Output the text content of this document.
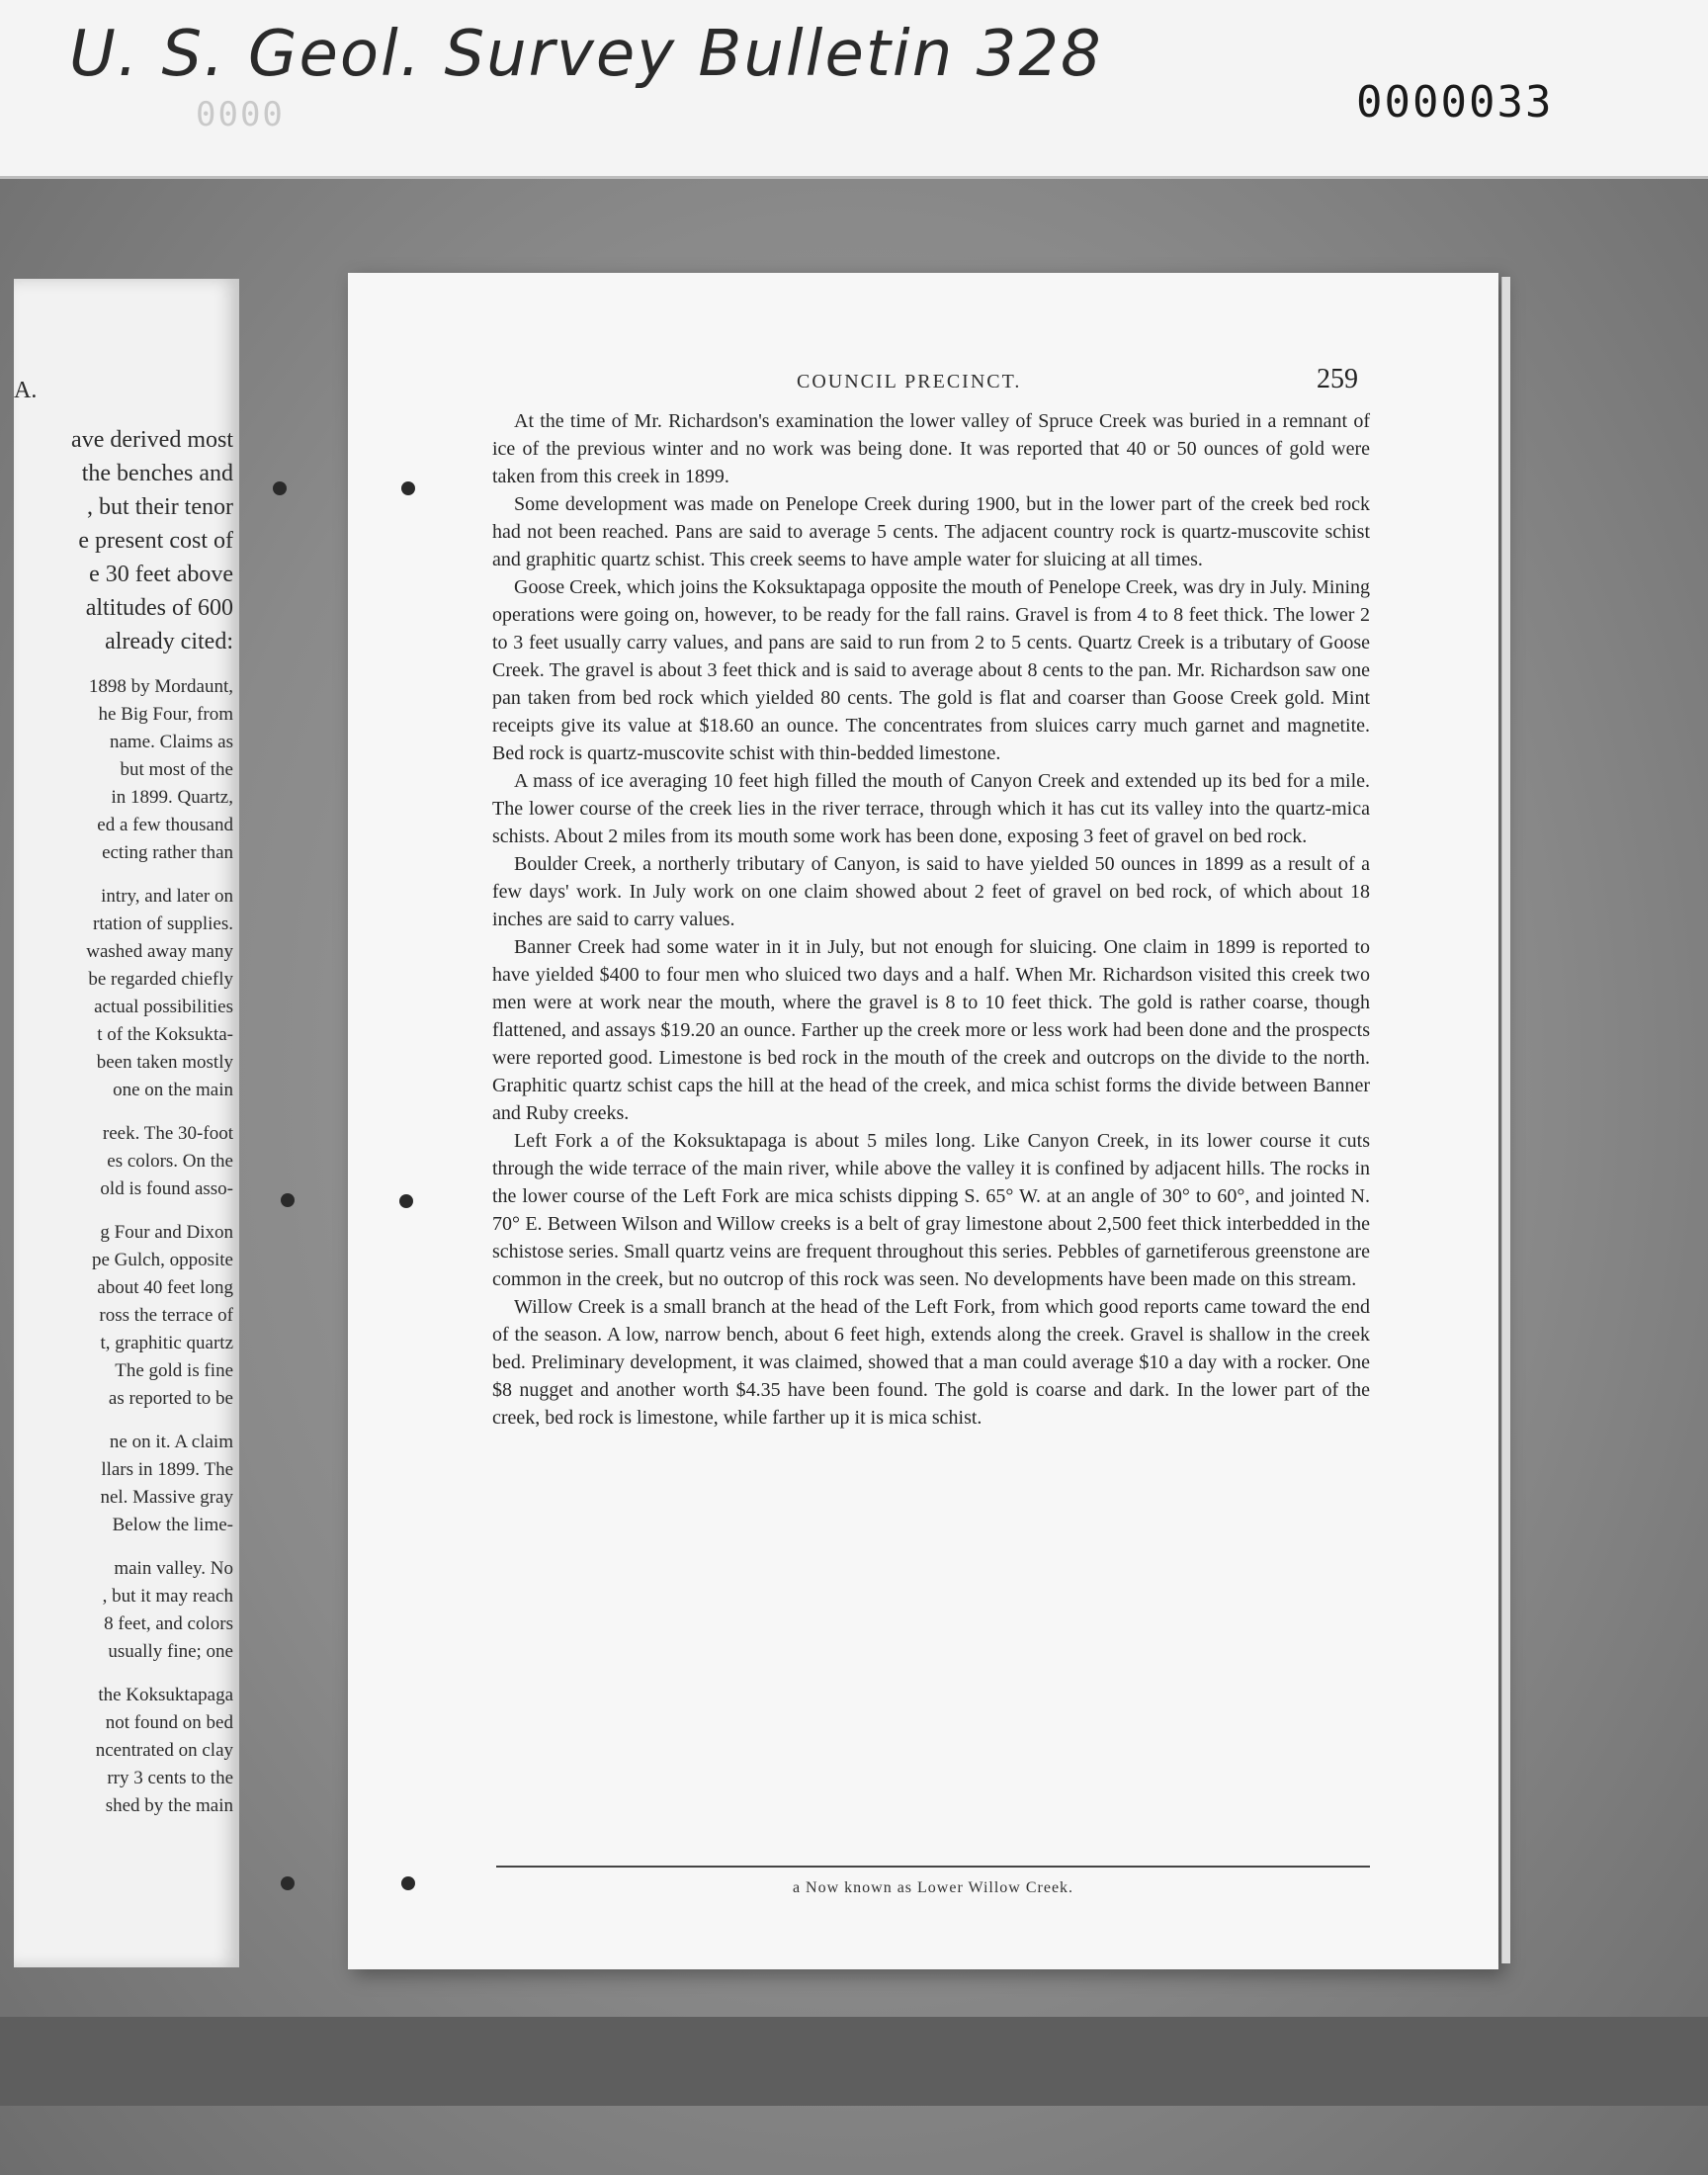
U. S. Geol. Survey Bulletin 328
0000	0000033
A.
ave derived most
the benches and
, but their tenor
e present cost of
e 30 feet above
altitudes of 600
already cited:
1898 by Mordaunt,
he Big Four, from
name. Claims as
but most of the
in 1899. Quartz,
ed a few thousand
ecting rather than
intry, and later on
rtation of supplies.
washed away many
be regarded chiefly
actual possibilities
t of the Koksukta-
been taken mostly
one on the main
reek. The 30-foot
es colors. On the
old is found asso-
g Four and Dixon
pe Gulch, opposite
about 40 feet long
ross the terrace of
t, graphitic quartz
The gold is fine
as reported to be
ne on it. A claim
llars in 1899. The
nel. Massive gray
Below the lime-
main valley. No
, but it may reach
8 feet, and colors
usually fine; one
the Koksuktapaga
not found on bed
ncentrated on clay
rry 3 cents to the
shed by the main
COUNCIL PRECINCT.	259

At the time of Mr. Richardson's examination the lower valley of Spruce Creek was buried in a remnant of ice of the previous winter and no work was being done. It was reported that 40 or 50 ounces of gold were taken from this creek in 1899.

Some development was made on Penelope Creek during 1900, but in the lower part of the creek bed rock had not been reached. Pans are said to average 5 cents. The adjacent country rock is quartz-muscovite schist and graphitic quartz schist. This creek seems to have ample water for sluicing at all times.

Goose Creek, which joins the Koksuktapaga opposite the mouth of Penelope Creek, was dry in July. Mining operations were going on, however, to be ready for the fall rains. Gravel is from 4 to 8 feet thick. The lower 2 to 3 feet usually carry values, and pans are said to run from 2 to 5 cents. Quartz Creek is a tributary of Goose Creek. The gravel is about 3 feet thick and is said to average about 8 cents to the pan. Mr. Richardson saw one pan taken from bed rock which yielded 80 cents. The gold is flat and coarser than Goose Creek gold. Mint receipts give its value at $18.60 an ounce. The concentrates from sluices carry much garnet and magnetite. Bed rock is quartz-muscovite schist with thin-bedded limestone.

A mass of ice averaging 10 feet high filled the mouth of Canyon Creek and extended up its bed for a mile. The lower course of the creek lies in the river terrace, through which it has cut its valley into the quartz-mica schists. About 2 miles from its mouth some work has been done, exposing 3 feet of gravel on bed rock.

Boulder Creek, a northerly tributary of Canyon, is said to have yielded 50 ounces in 1899 as a result of a few days' work. In July work on one claim showed about 2 feet of gravel on bed rock, of which about 18 inches are said to carry values.

Banner Creek had some water in it in July, but not enough for sluicing. One claim in 1899 is reported to have yielded $400 to four men who sluiced two days and a half. When Mr. Richardson visited this creek two men were at work near the mouth, where the gravel is 8 to 10 feet thick. The gold is rather coarse, though flattened, and assays $19.20 an ounce. Farther up the creek more or less work had been done and the prospects were reported good. Limestone is bed rock in the mouth of the creek and outcrops on the divide to the north. Graphitic quartz schist caps the hill at the head of the creek, and mica schist forms the divide between Banner and Ruby creeks.

Left Fork a of the Koksuktapaga is about 5 miles long. Like Canyon Creek, in its lower course it cuts through the wide terrace of the main river, while above the valley it is confined by adjacent hills. The rocks in the lower course of the Left Fork are mica schists dipping S. 65° W. at an angle of 30° to 60°, and jointed N. 70° E. Between Wilson and Willow creeks is a belt of gray limestone about 2,500 feet thick interbedded in the schistose series. Small quartz veins are frequent throughout this series. Pebbles of garnetiferous greenstone are common in the creek, but no outcrop of this rock was seen. No developments have been made on this stream.

Willow Creek is a small branch at the head of the Left Fork, from which good reports came toward the end of the season. A low, narrow bench, about 6 feet high, extends along the creek. Gravel is shallow in the creek bed. Preliminary development, it was claimed, showed that a man could average $10 a day with a rocker. One $8 nugget and another worth $4.35 have been found. The gold is coarse and dark. In the lower part of the creek, bed rock is limestone, while farther up it is mica schist.

a Now known as Lower Willow Creek.
